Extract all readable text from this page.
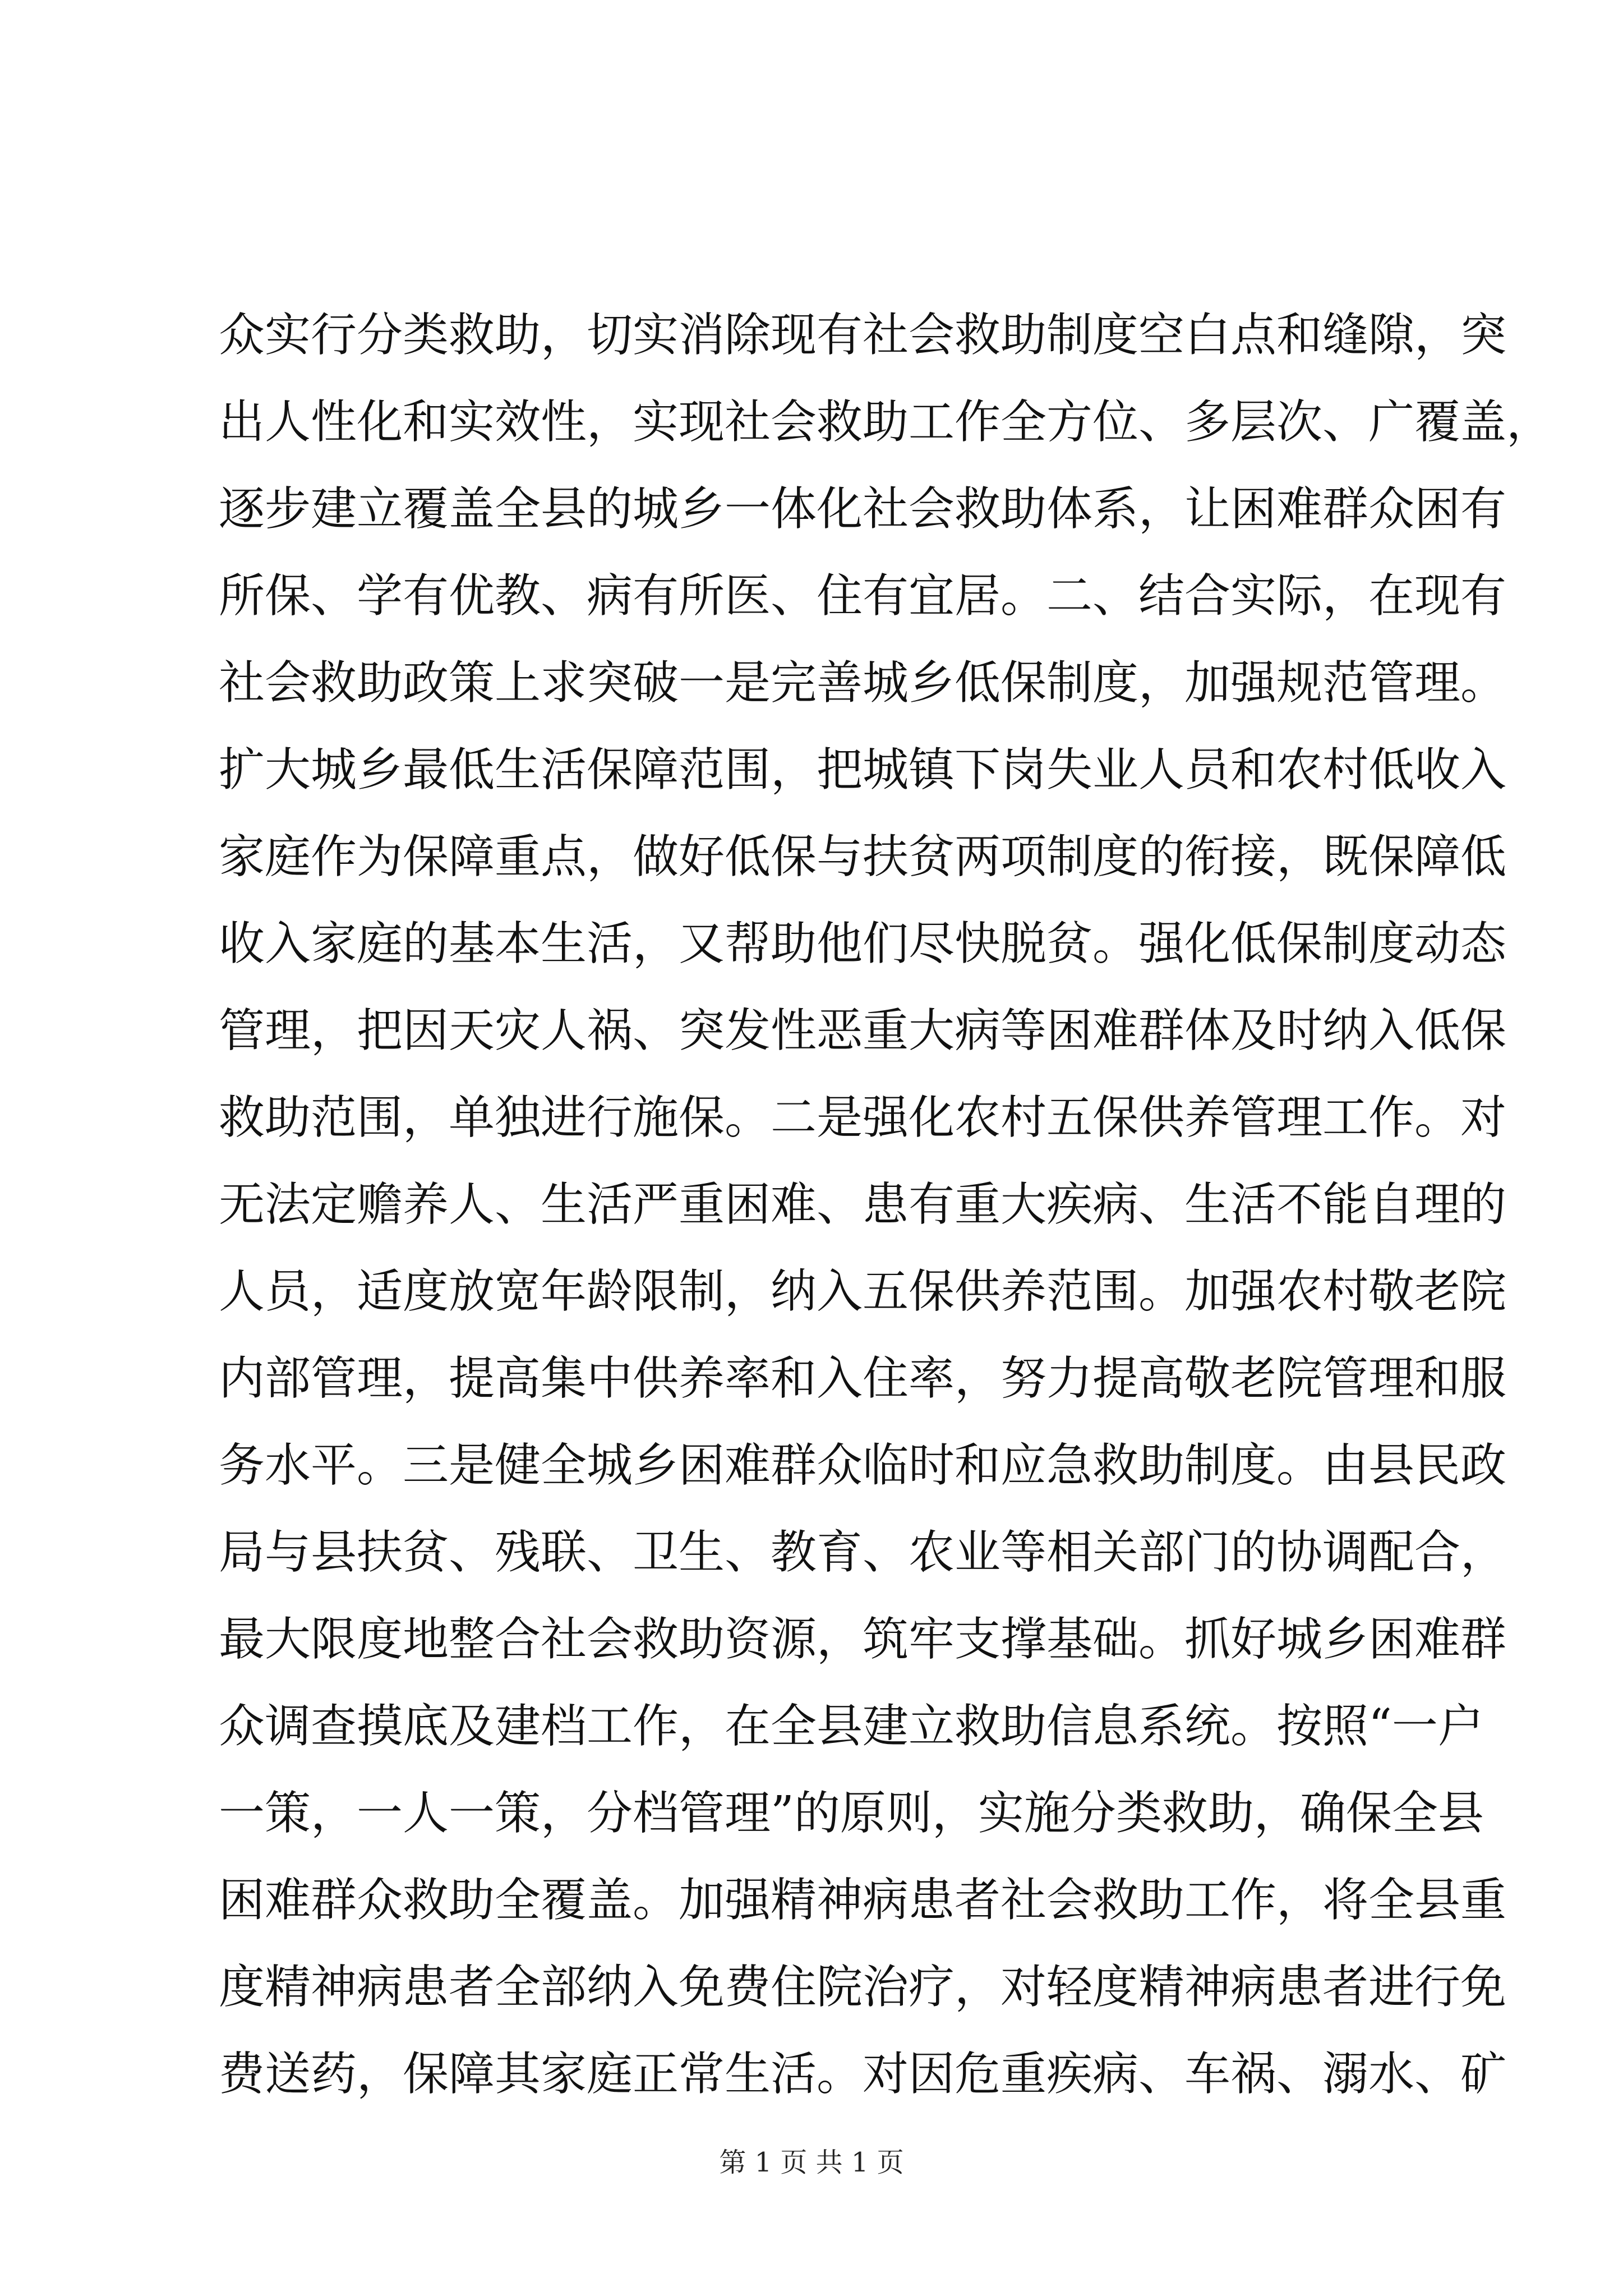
众实行分类救助，切实消除现有社会救助制度空白点和缝隙，突
出人性化和实效性，实现社会救助工作全方位、多层次、广覆盖，
逐步建立覆盖全县的城乡一体化社会救助体系，让困难群众困有
所保、学有优教、病有所医、住有宜居。二、结合实际，在现有
社会救助政策上求突破一是完善城乡低保制度，加强规范管理。
扩大城乡最低生活保障范围，把城镇下岗失业人员和农村低收入
家庭作为保障重点，做好低保与扶贫两项制度的衔接，既保障低
收入家庭的基本生活，又帮助他们尽快脱贫。强化低保制度动态
管理，把因天灾人祸、突发性恶重大病等困难群体及时纳入低保
救助范围，单独进行施保。二是强化农村五保供养管理工作。对
无法定赡养人、生活严重困难、患有重大疾病、生活不能自理的
人员，适度放宽年龄限制，纳入五保供养范围。加强农村敬老院
内部管理，提高集中供养率和入住率，努力提高敬老院管理和服
务水平。三是健全城乡困难群众临时和应急救助制度。由县民政
局与县扶贫、残联、卫生、教育、农业等相关部门的协调配合，
最大限度地整合社会救助资源，筑牢支撑基础。抓好城乡困难群
众调查摸底及建档工作，在全县建立救助信息系统。按照“一户
一策，一人一策，分档管理”的原则，实施分类救助，确保全县
困难群众救助全覆盖。加强精神病患者社会救助工作，将全县重
度精神病患者全部纳入免费住院治疗，对轻度精神病患者进行免
费送药，保障其家庭正常生活。对因危重疾病、车祸、溺水、矿
第 1 页 共 1 页
